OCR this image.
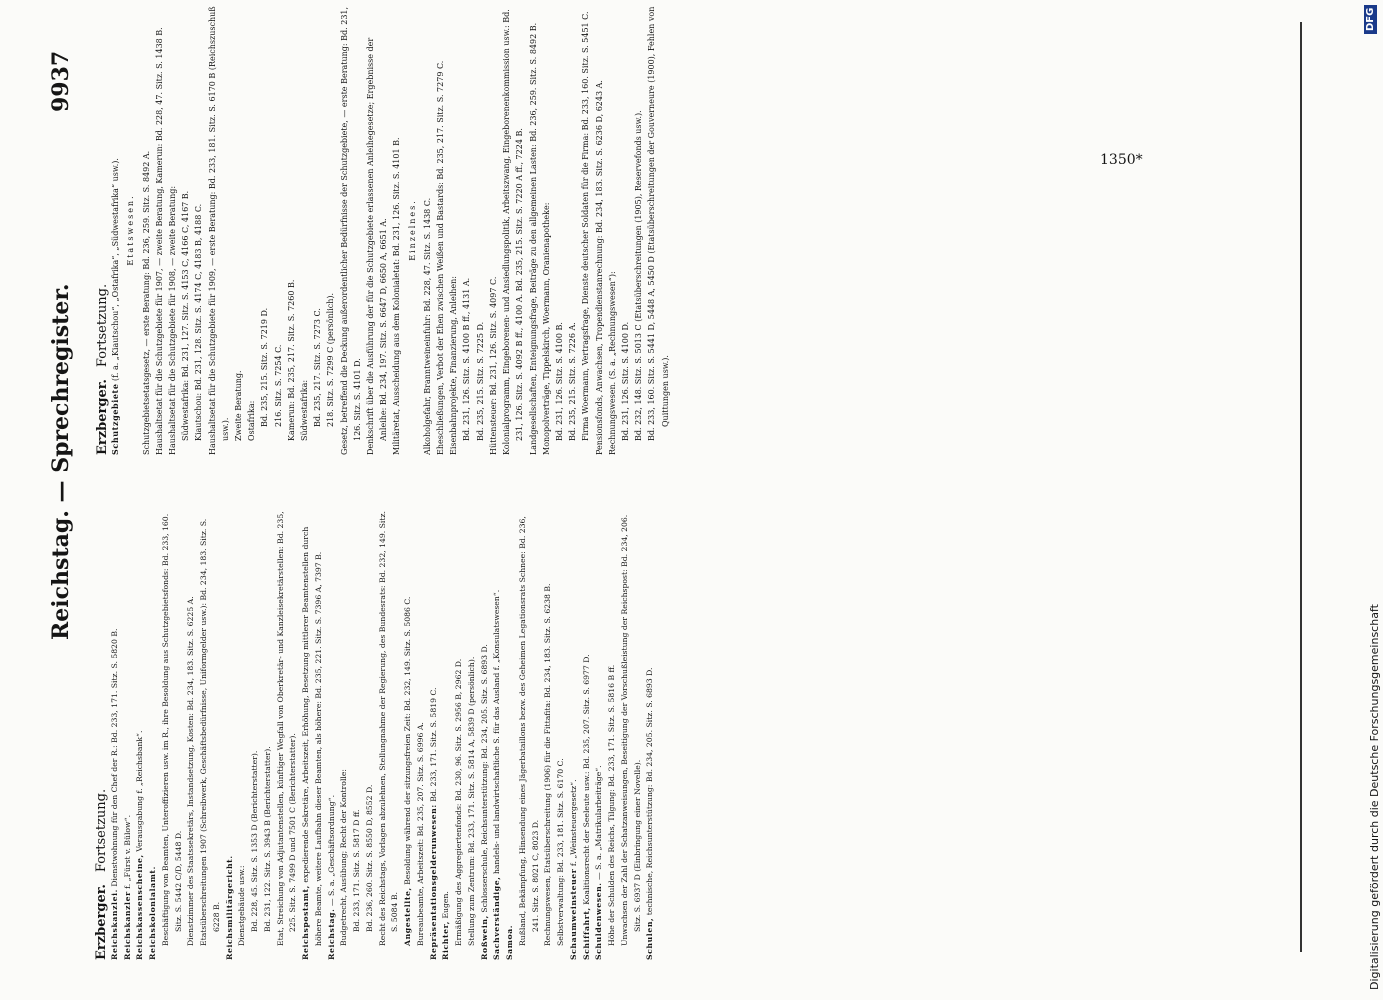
9937
Reichstag. — Sprechregister.
Erzberger.Fortsetzung.

Reichskanzlei. Dienstwohnung für den Chef der R.: Bd. 233, 171. Sitz. S. 5820 B.

Reichskanzler f. „Fürst v. Bülow“.

Reichskassenscheine, Verausgabung f. „Reichsbank“.

Reichskolonialamt. Beschäftigung von Beamten, Unteroffizieren usw. im R., ihre Besoldung aus Schutzgebietsfonds: Bd. 233, 160. Sitz. S. 5442 C/D, 5448 D. Dienstzimmer des Staatssekretärs, Instandsetzung, Kosten: Bd. 234, 183. Sitz. S. 6225 A. Etatsüberschreitungen 1907 (Schreibwerk, Geschäftsbedürfnisse, Uniformgelder usw.): Bd. 234, 183. Sitz. S. 6228 B. Reichsmilitärgericht. Dienstgebäude usw.: Bd. 228, 45. Sitz. S. 1353 D (Berichterstatter). Bd. 231, 122. Sitz. S. 3943 B (Berichterstatter). Etat, Streichung von Adjutantenstellen, künftiger Wegfall von Oberkretär- und Kanzleisekretärstellen: Bd. 235, 225. Sitz. S. 7499 D und 7501 C (Berichterstatter). Reichspostamt, expedierende Sekretäre, Arbeitszeit, Erhöhung, Besetzung mittlerer Beamtenstellen durch höhere Beamte, weitere Laufbahn dieser Beamten, als höhere: Bd. 235, 221. Sitz. S. 7396 A, 7397 B. Reichstag. — S. a. „Geschäftsordnung“. Budgetrecht, Ausübung; Recht der Kontrolle: Bd. 233, 171. Sitz. S. 5817 D ff. Bd. 236, 260. Sitz. S. 8550 D, 8552 D. Recht des Reichstags, Vorlagen abzulehnen, Stellungnahme der Regierung, des Bundesrats: Bd. 232, 149. Sitz. S. 5084 B. Angestellte, Besoldung während der sitzungsfreien Zeit: Bd. 232, 149. Sitz. S. 5086 C. Bureaubeamte, Arbeitszeit: Bd. 235, 207. Sitz. S. 6996 A. Repräsentationsgelderunwesen: Bd. 233, 171. Sitz. S. 5819 C.

Richter, Eugen. Ermäßigung des Aggregiertenfonds: Bd. 230, 96. Sitz. S. 2956 B, 2962 D. Stellung zum Zentrum: Bd. 233, 171. Sitz. S. 5814 A, 5839 D (persönlich). Roßwein, Schlosserschule, Reichsunterstützung: Bd. 234, 205. Sitz. S. 6893 D.

Sachverständige, handels- und landwirtschaftliche S. für das Ausland f. „Konsulatswesen“.

Samoa. Rußland, Bekämpfung, Hinsendung eines Jägerbataillons bezw. des Geheimen Legationsrats Schnee: Bd. 236, 241. Sitz. S. 8021 C, 8023 D. Rechnungswesen, Etatsüberschreitung (1906) für die Fittafita: Bd. 234, 183. Sitz. S. 6238 B. Selbstverwaltung: Bd. 233, 181. Sitz. S. 6170 C. Schaumweinsteuer f. „Weinsteuergesetz“.

Schiffahrt, Koalitionsrecht der Seeleute usw.: Bd. 235, 207. Sitz. S. 6977 D.

Schuldenwesen. — S. a. „Matrikularbeiträge“. Höhe der Schulden des Reichs, Tilgung: Bd. 233, 171. Sitz. S. 5816 B ff. Unwachsen der Zahl der Schatzanweisungen, Beseitigung der Vorschußleistung der Reichspost: Bd. 234, 206. Sitz. S. 6937 D (Einbringung einer Novelle).

Schulen, technische, Reichsunterstützung: Bd. 234, 205. Sitz. S. 6893 D.

Erzberger.Fortsetzung.

Schutzgebiete (f. a. „Kiautschou“, „Ostafrika“, „Südwestafrika“ usw.). Etatswesen. Schutzgebietsetatsgesetz, — erste Beratung: Bd. 236, 259. Sitz. S. 8492 A. Haushaltsetat für die Schutzgebiete für 1907, — zweite Beratung, Kamerun: Bd. 228, 47. Sitz. S. 1438 B. Haushaltsetat für die Schutzgebiete für 1908, — zweite Beratung: Südwestafrika: Bd. 231, 127. Sitz. S. 4153 C, 4166 C, 4167 B. Kiautschou: Bd. 231, 128. Sitz. S. 4174 C, 4183 B, 4188 C. Haushaltsetat für die Schutzgebiete für 1909, — erste Beratung: Bd. 233, 181. Sitz. S. 6170 B (Reichszuschuß usw.). Zweite Beratung. Ostafrika: Bd. 235, 215. Sitz. S. 7219 D. 216. Sitz. S. 7254 C. Kamerun: Bd. 235, 217. Sitz. S. 7260 B. Südwestafrika: Bd. 235, 217. Sitz. S. 7273 C. 218. Sitz. S. 7299 C (persönlich). Gesetz, betreffend die Deckung außerordentlicher Bedürfnisse der Schutzgebiete, — erste Beratung: Bd. 231, 126. Sitz. S. 4101 D. Denkschrift über die Ausführung der für die Schutzgebiete erlassenen Anleihegesetze; Ergebnisse der Anleihe: Bd. 234, 197. Sitz. S. 6647 D, 6650 A, 6651 A. Militäretat, Ausscheidung aus dem Kolonialetat: Bd. 231, 126. Sitz. S. 4101 B. Einzelnes. Alkoholgefahr, Branntweineinfuhr: Bd. 228, 47. Sitz. S. 1438 C. Eheschließungen, Verbot der Ehen zwischen Weißen und Bastards: Bd. 235, 217. Sitz. S. 7279 C. Eisenbahnprojekte, Finanzierung, Anleihen: Bd. 231, 126. Sitz. S. 4100 B ff., 4131 A. Bd. 235, 215. Sitz. S. 7225 D. Hüttensteuer: Bd. 231, 126. Sitz. S. 4097 C. Kolonialprogramm, Eingeborenen- und Ansiedlungspolitik, Arbeitszwang, Eingeborenenkommission usw.: Bd. 231, 126. Sitz. S. 4092 B ff., 4100 A. Bd. 235, 215. Sitz. S. 7220 A ff., 7224 B. Landgesellschaften, Enteignungsfrage, Beiträge zu den allgemeinen Lasten: Bd. 236, 259. Sitz. S. 8492 B. Monopolverträge, Tippelskirch, Woermann, Oranienapotheke: Bd. 231, 126. Sitz. S. 4100 B. Bd. 235, 215. Sitz. S. 7226 A. Firma Woermann, Vertragsfrage, Dienste deutscher Soldaten für die Firma: Bd. 233, 160. Sitz. S. 5451 C. Pensionsfonds, Anwachsen, Tropendienstanrechnung: Bd. 234, 183. Sitz. S. 6236 D, 6243 A. Rechnungswesen. (S. a. „Rechnungswesen“): Bd. 231, 126. Sitz. S. 4100 D. Bd. 232, 148. Sitz. S. 5013 C (Etatsüberschreitungen (1905), Reservefonds usw.). Bd. 233, 160. Sitz. S. 5441 D, 5448 A, 5450 D (Etatsüberschreitungen der Gouverneure (1900), Fehlen von Quittungen usw.).

1350*
Digitalisierung gefördert durch die Deutsche Forschungsgemeinschaft
DFG
